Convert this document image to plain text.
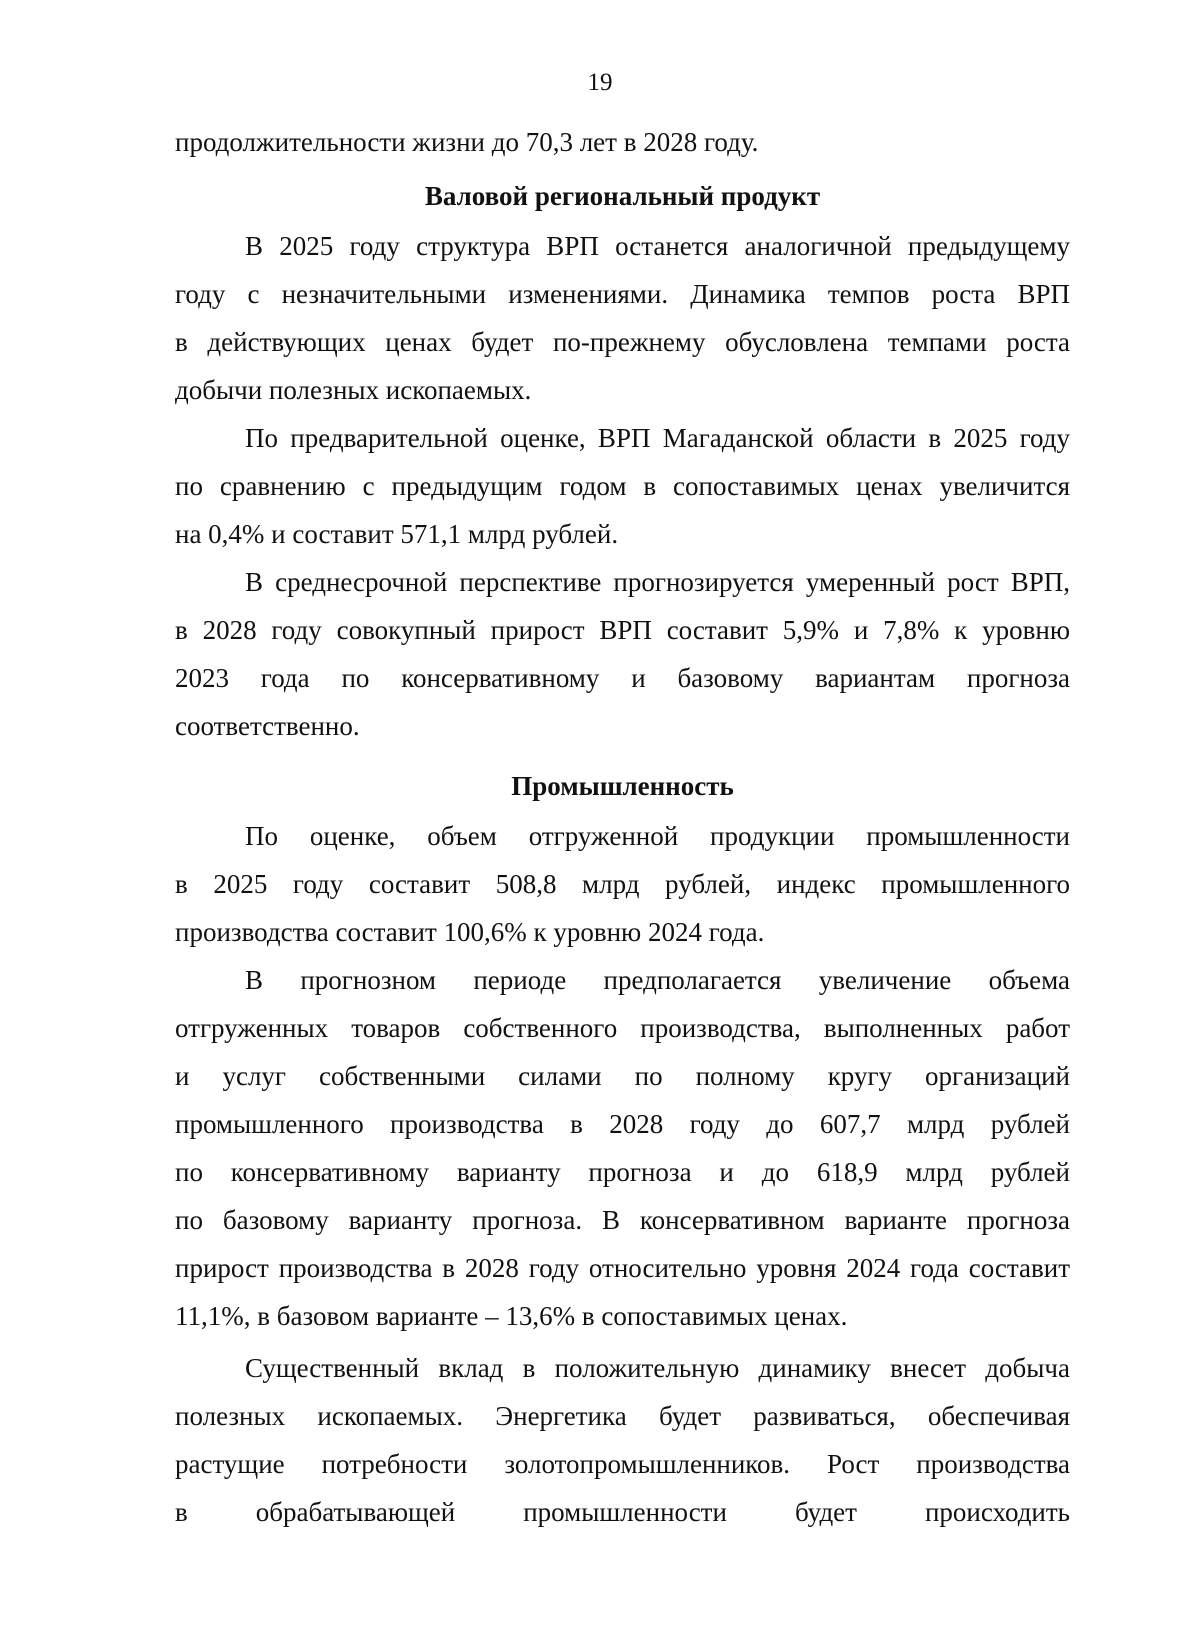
19
продолжительности жизни до 70,3 лет в 2028 году.
Валовой региональный продукт
В 2025 году структура ВРП останется аналогичной предыдущему
году с незначительными изменениями. Динамика темпов роста ВРП
в действующих ценах будет по-прежнему обусловлена темпами роста
добычи полезных ископаемых.
По предварительной оценке, ВРП Магаданской области в 2025 году
по сравнению с предыдущим годом в сопоставимых ценах увеличится
на 0,4% и составит 571,1 млрд рублей.
В среднесрочной перспективе прогнозируется умеренный рост ВРП,
в 2028 году совокупный прирост ВРП составит 5,9% и 7,8% к уровню
2023 года по консервативному и базовому вариантам прогноза
соответственно.
Промышленность
По оценке, объем отгруженной продукции промышленности
в 2025 году составит 508,8 млрд рублей, индекс промышленного
производства составит 100,6% к уровню 2024 года.
В прогнозном периоде предполагается увеличение объема
отгруженных товаров собственного производства, выполненных работ
и услуг собственными силами по полному кругу организаций
промышленного производства в 2028 году до 607,7 млрд рублей
по консервативному варианту прогноза и до 618,9 млрд рублей
по базовому варианту прогноза. В консервативном варианте прогноза
прирост производства в 2028 году относительно уровня 2024 года составит
11,1%, в базовом варианте – 13,6% в сопоставимых ценах.
Существенный вклад в положительную динамику внесет добыча
полезных ископаемых. Энергетика будет развиваться, обеспечивая
растущие потребности золотопромышленников. Рост производства
в обрабатывающей промышленности будет происходить
